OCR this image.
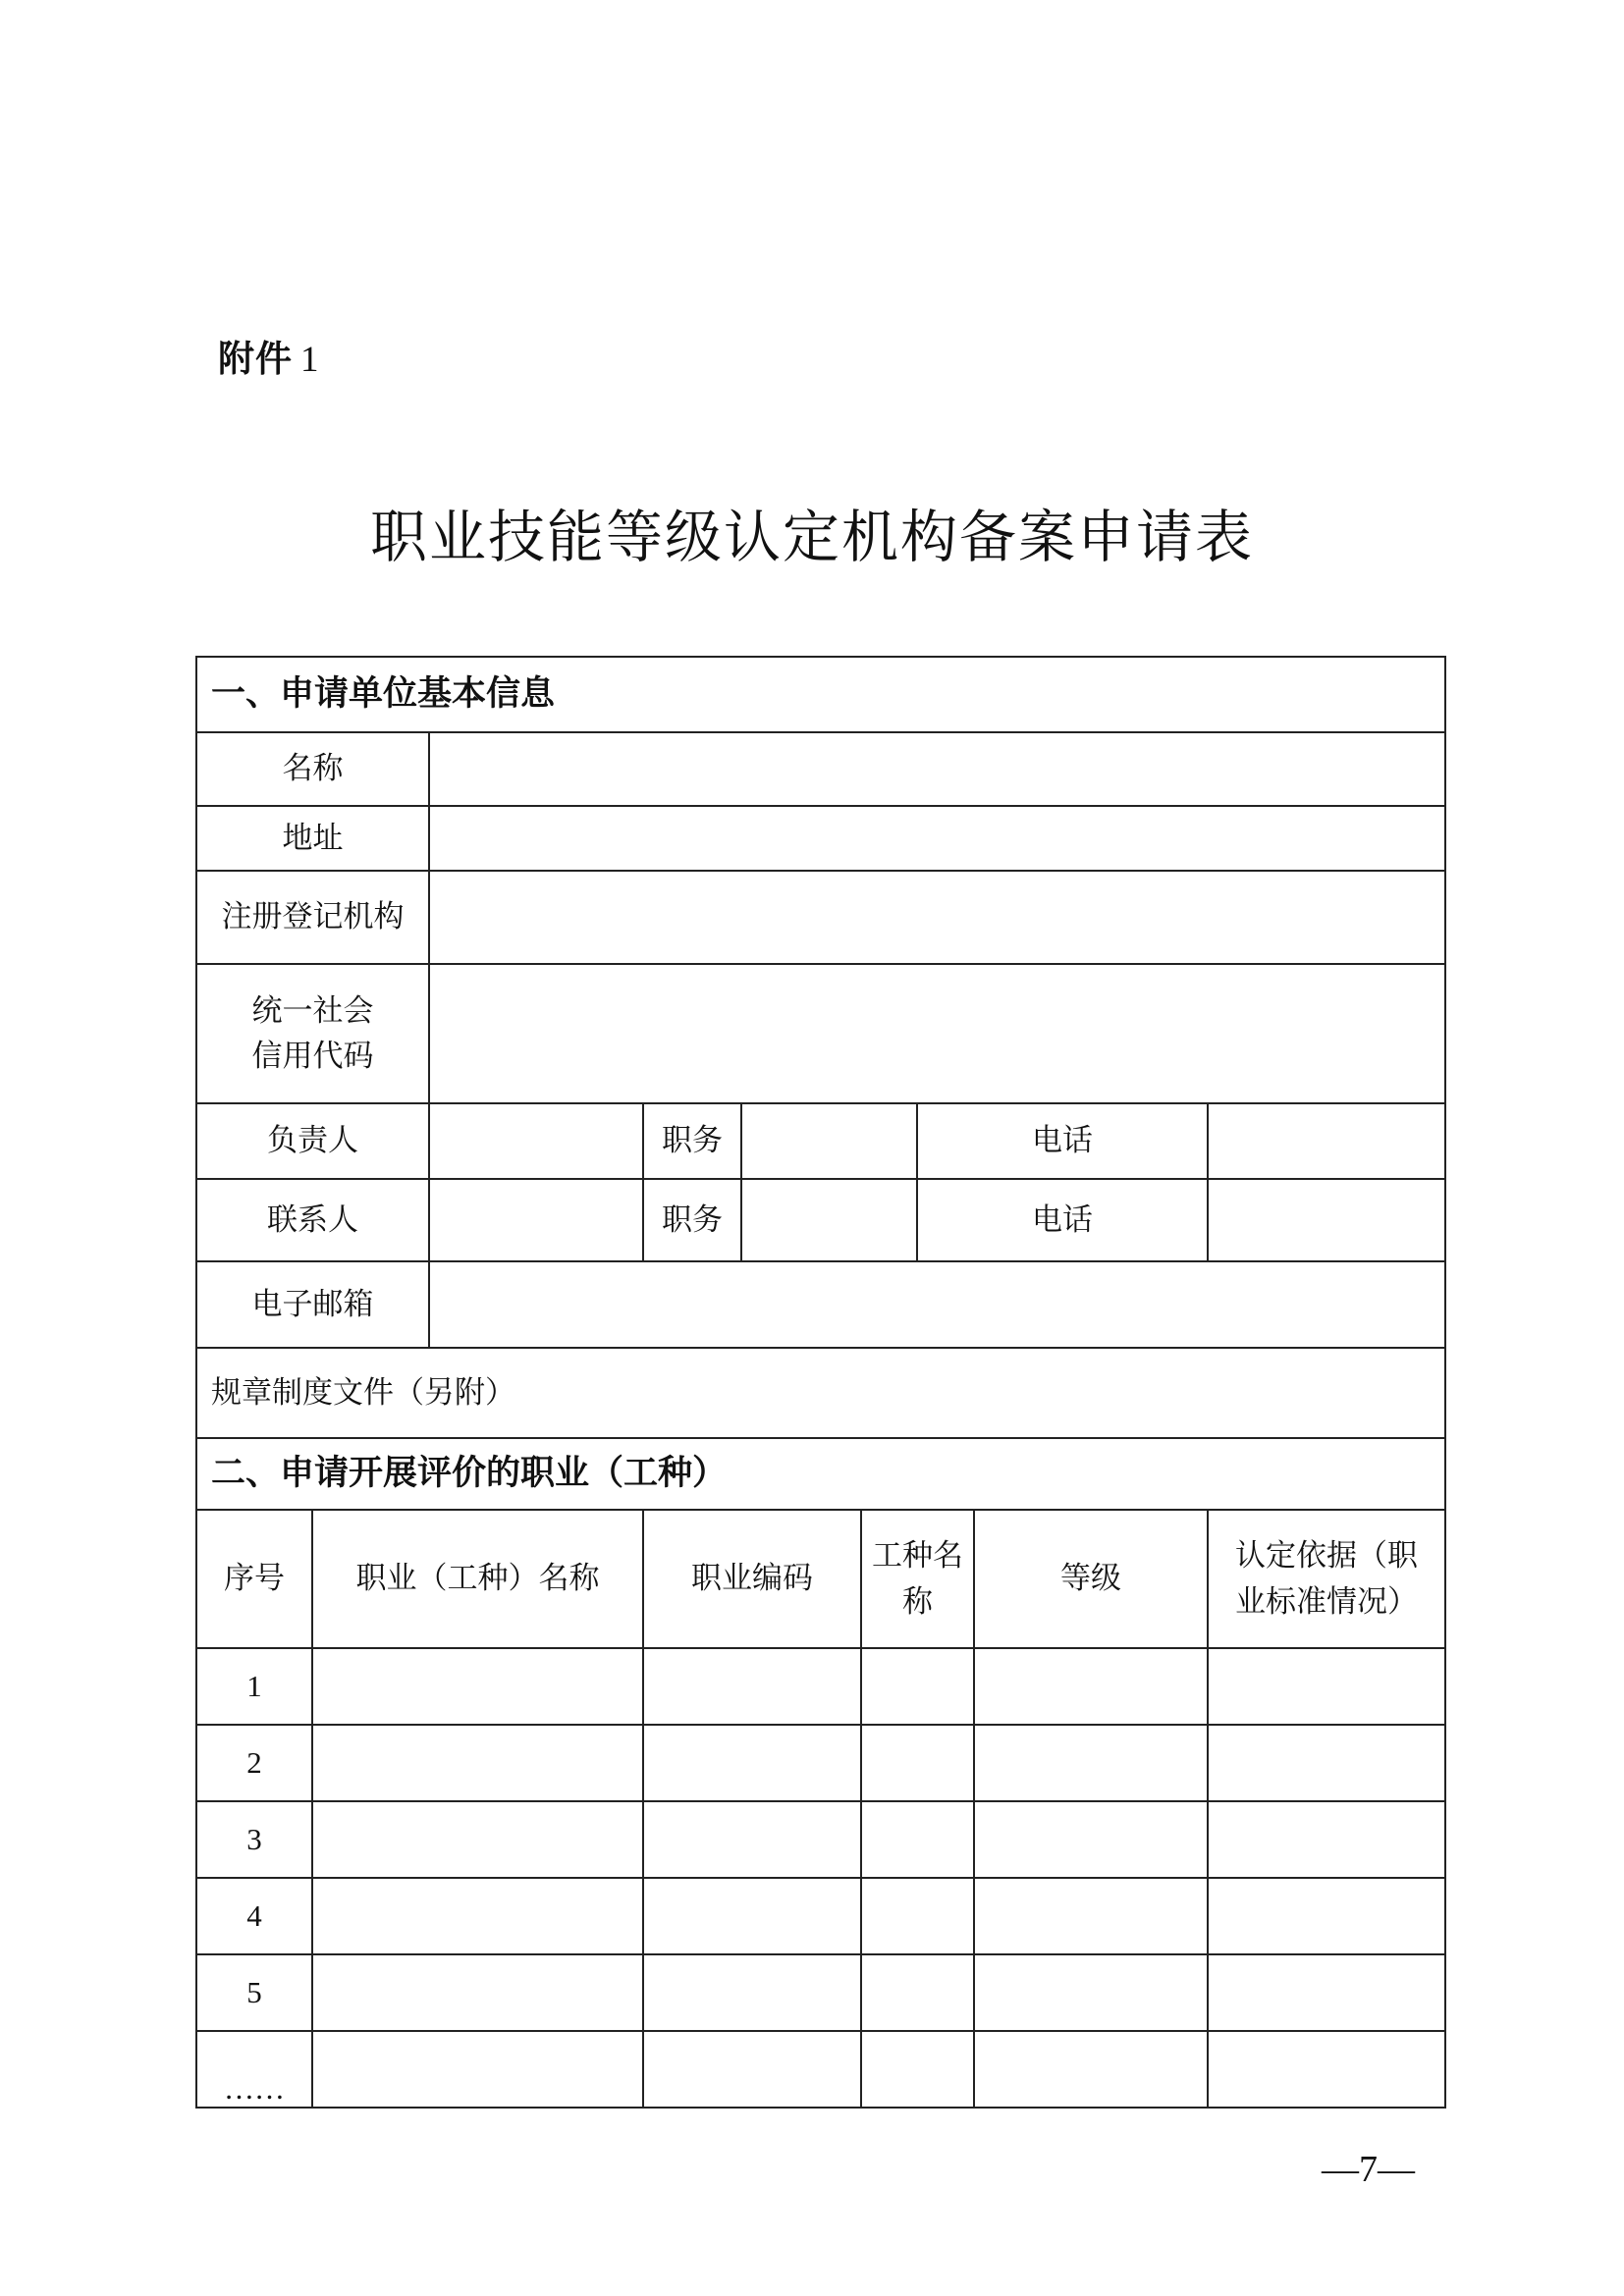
附件 1
职业技能等级认定机构备案申请表
一、申请单位基本信息								
名称								
地址								
注册登记机构								

统一社会
信用代码								

负责人			职务			电话		
联系人			职务			电话		
电子邮箱								
规章制度文件（另附）								
二、申请开展评价的职业（工种）								
序号	职业（工种）名称		职业编码		工种名称		等级	认定依据（职业标准情况）
1								
2								
3								
4								
5								
……								
—7—
